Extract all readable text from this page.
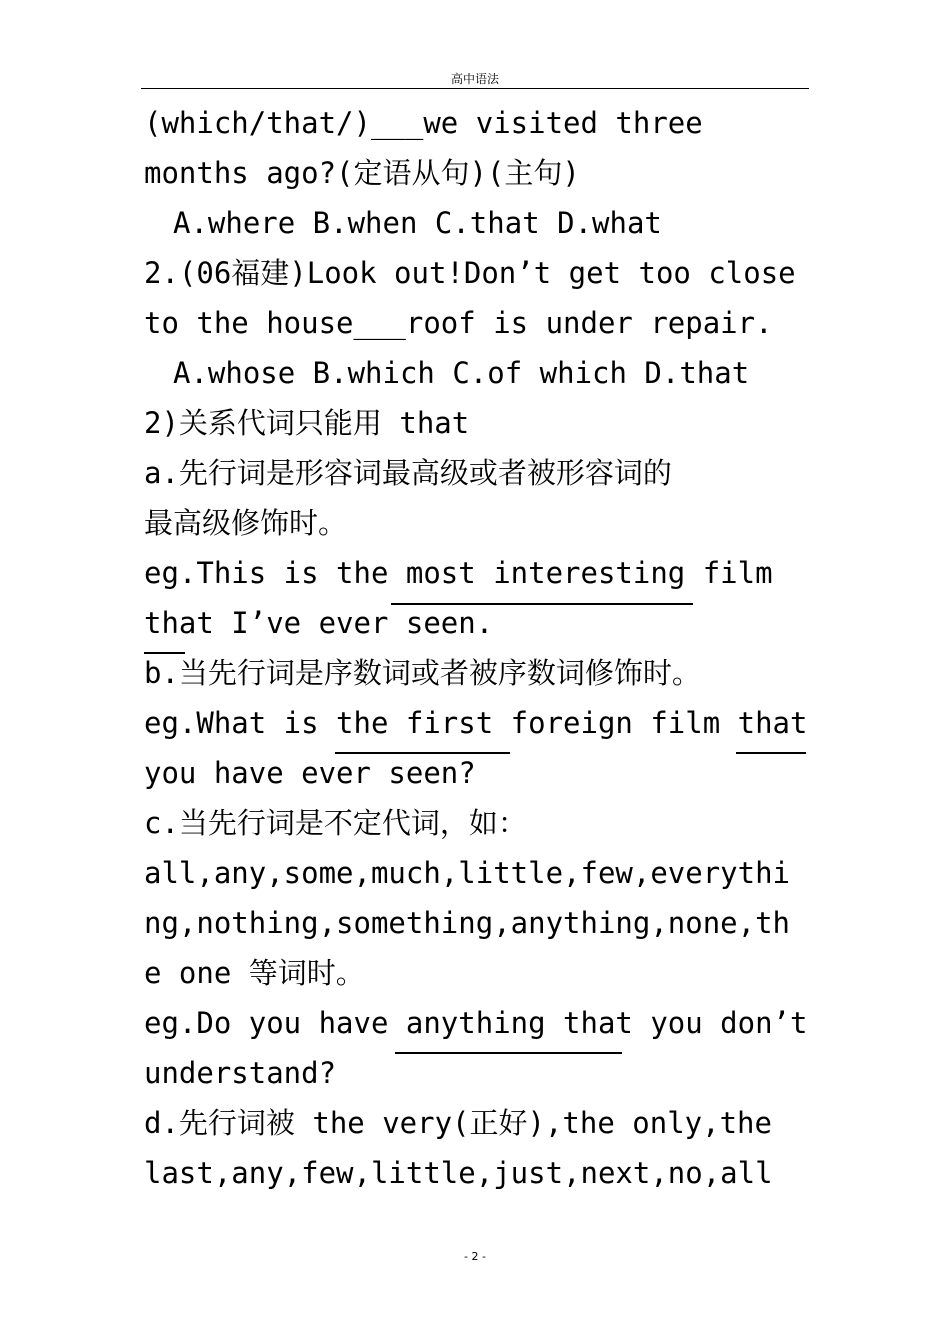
高中语法
(which/that/)___we visited three
months ago?(定语从句)(主句)
A.where B.when C.that D.what
2.(06福建)Look out!Don’t get too close
to the house___roof is under repair.
A.whose B.which C.of which D.that
2)关系代词只能用 that
a.先行词是形容词最高级或者被形容词的
最高级修饰时。
eg.This is the most interesting film
that I’ve ever seen.
b.当先行词是序数词或者被序数词修饰时。
eg.What is the first foreign film that
you have ever seen?
c.当先行词是不定代词，如：
all,any,some,much,little,few,everythi
ng,nothing,something,anything,none,th
e one 等词时。
eg.Do you have anything that you don’t
understand?
d.先行词被 the very(正好),the only,the
last,any,few,little,just,next,no,all
- 2 -
